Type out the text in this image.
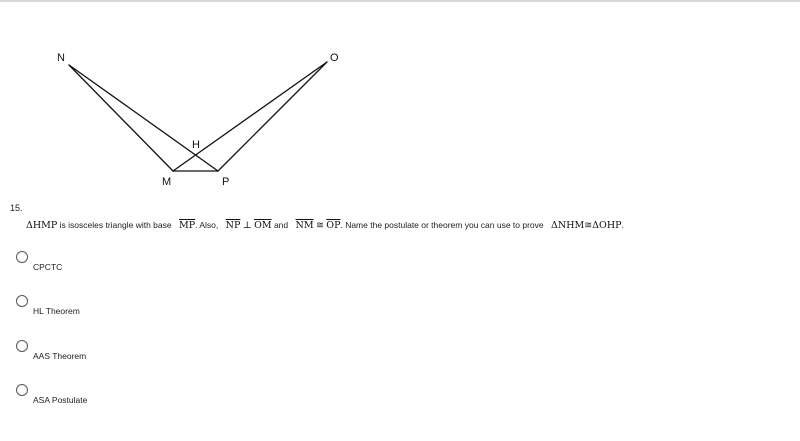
N	O
H
M	P
15.
ΔHMP is isosceles triangle with base $\overline{MP}$. Also, $\overline{NP}$ ⊥ $\overline{OM}$ and $\overline{NM}$ ≅ $\overline{OP}$. Name the postulate or theorem you can use to prove ΔNHM≅ΔOHP.
CPCTC
HL Theorem
AAS Theorem
ASA Postulate
